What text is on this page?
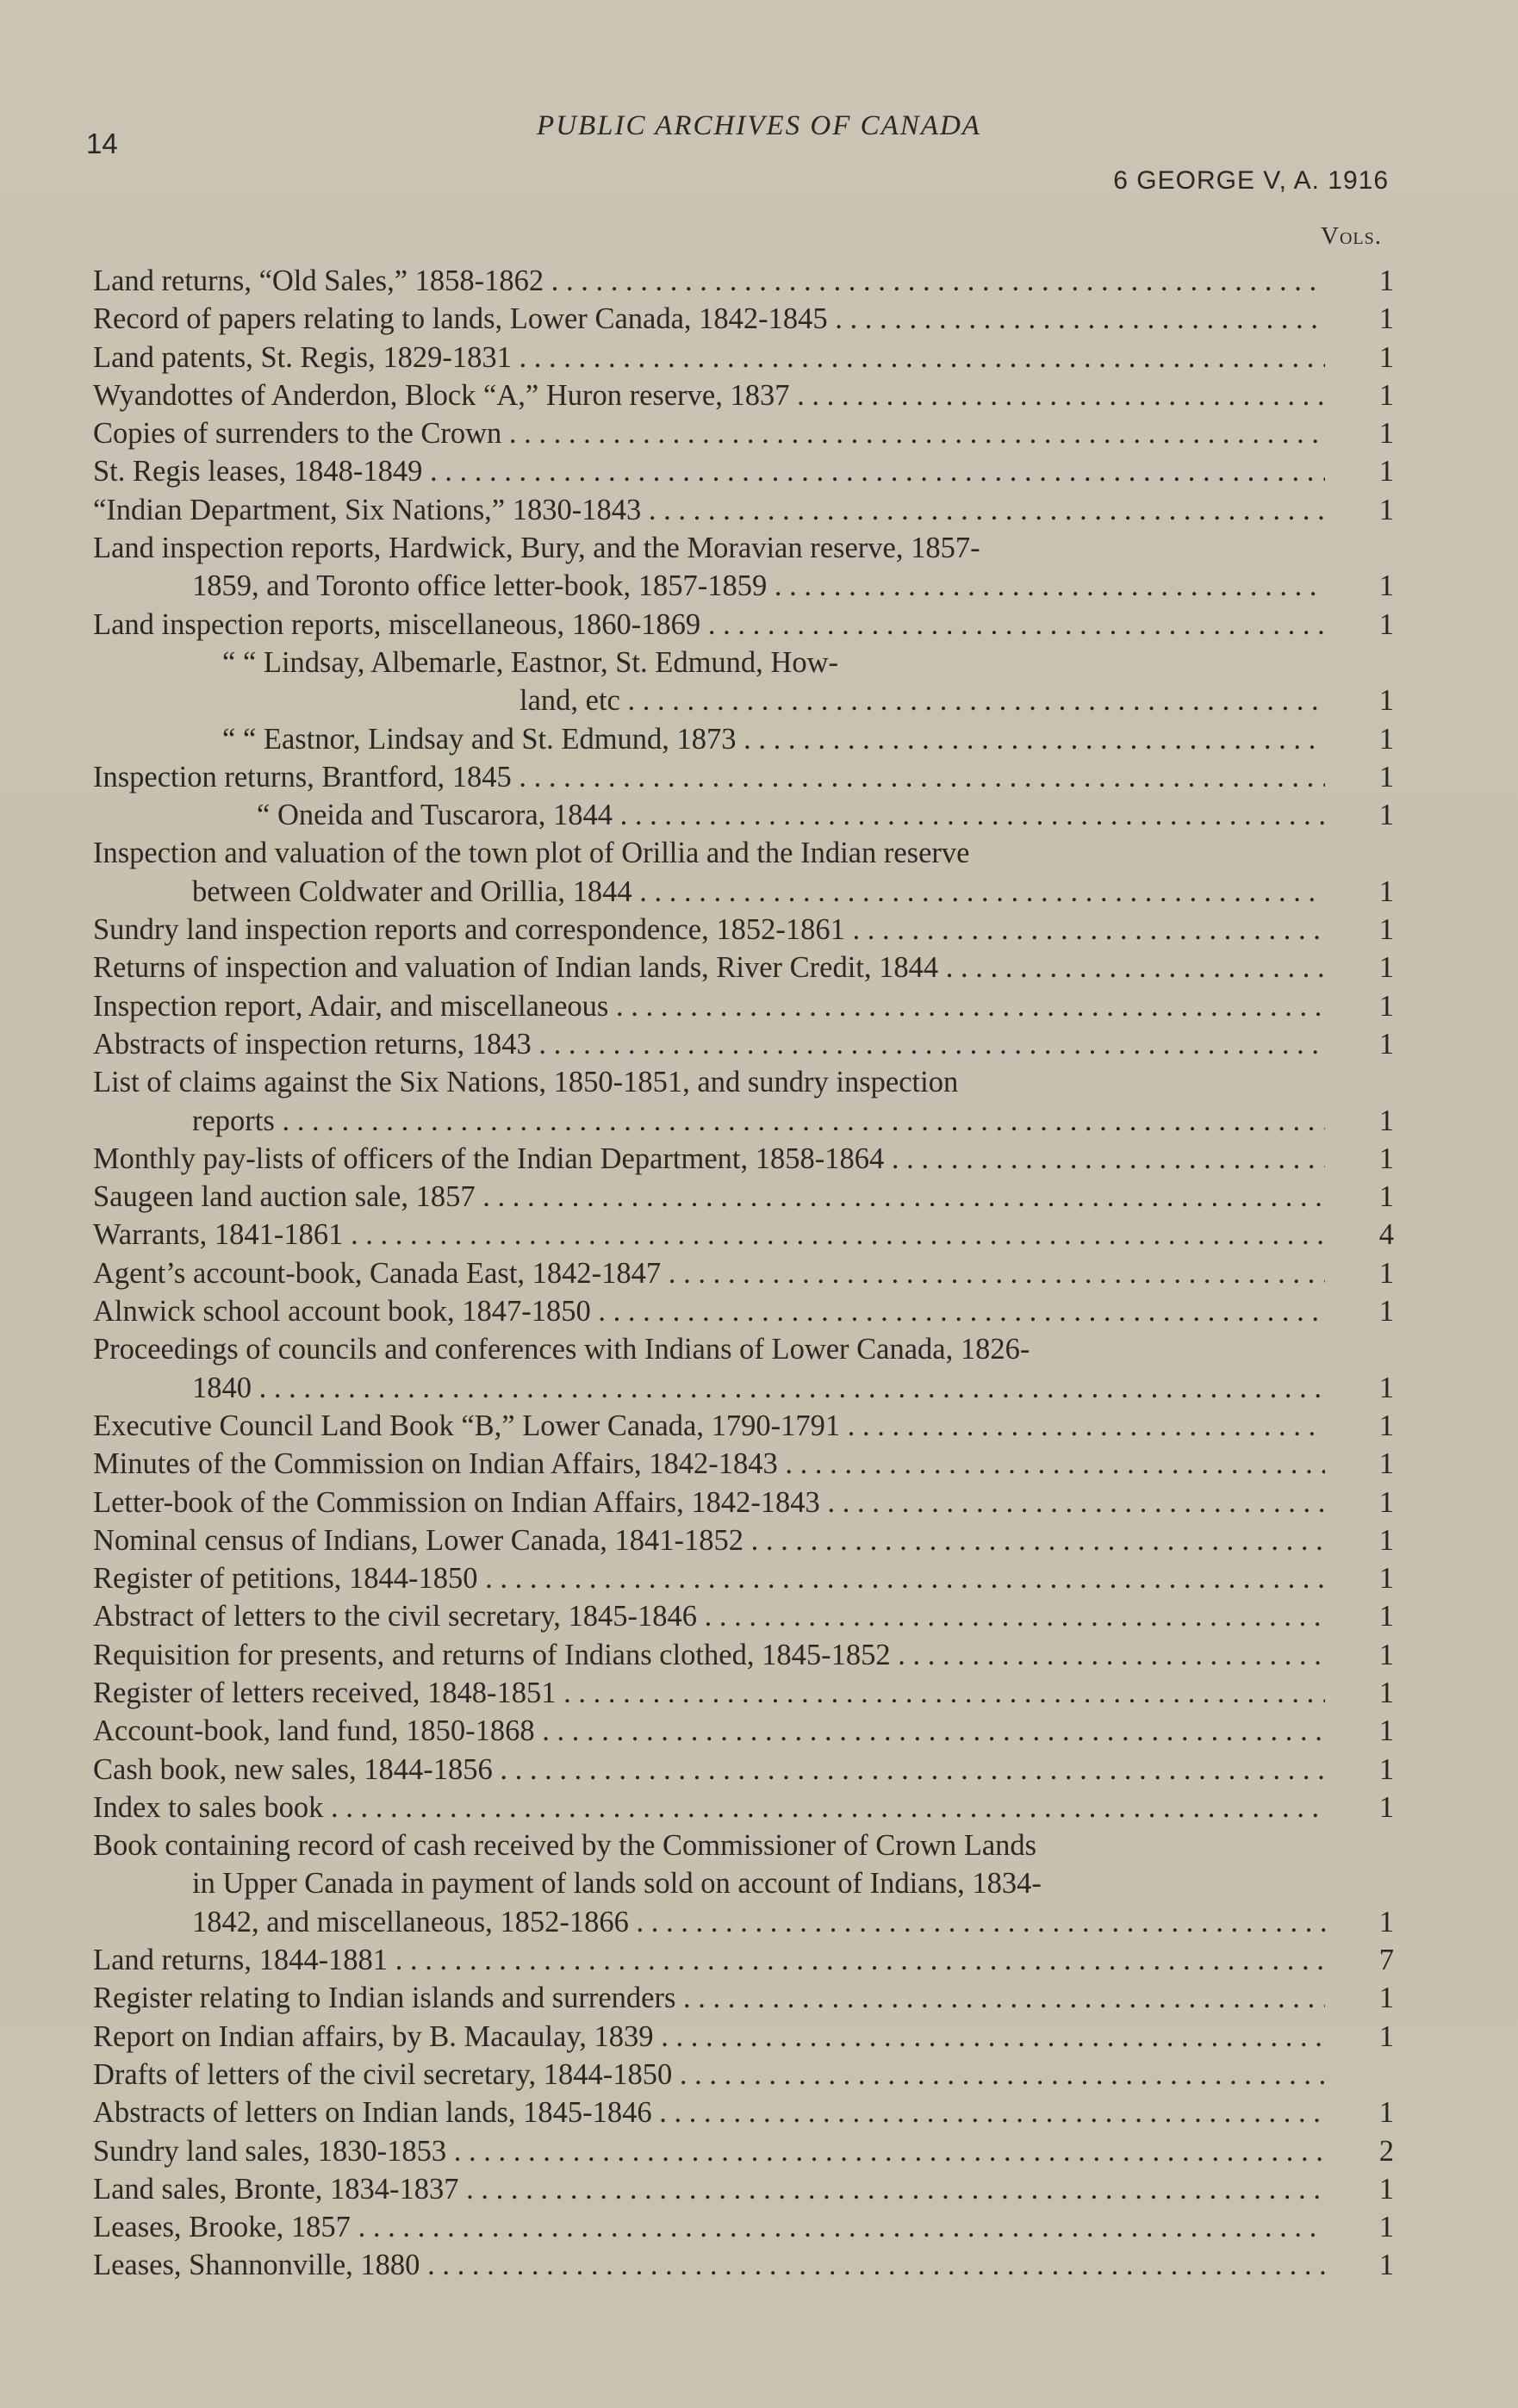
14
PUBLIC ARCHIVES OF CANADA
6 GEORGE V, A. 1916
Vols.
Land returns, “Old Sales,” 1858-1862 . . .	1
Record of papers relating to lands, Lower Canada, 1842-1845 . . .	1
Land patents, St. Regis, 1829-1831 . . .	1
Wyandottes of Anderdon, Block “A,” Huron reserve, 1837 . . .	1
Copies of surrenders to the Crown . . .	1
St. Regis leases, 1848-1849 . . .	1
“Indian Department, Six Nations,” 1830-1843 . . .	1
Land inspection reports, Hardwick, Bury, and the Moravian reserve, 1857-
1859, and Toronto office letter-book, 1857-1859 . . .	1
Land inspection reports, miscellaneous, 1860-1869 . . .	1
“ “ Lindsay, Albemarle, Eastnor, St. Edmund, How-
land, etc . . .	1
“ “ Eastnor, Lindsay and St. Edmund, 1873 . . .	1
Inspection returns, Brantford, 1845 . . .	1
“ Oneida and Tuscarora, 1844 . . .	1
Inspection and valuation of the town plot of Orillia and the Indian reserve
between Coldwater and Orillia, 1844 . . .	1
Sundry land inspection reports and correspondence, 1852-1861 . . .	1
Returns of inspection and valuation of Indian lands, River Credit, 1844 . . .	1
Inspection report, Adair, and miscellaneous . . .	1
Abstracts of inspection returns, 1843 . . .	1
List of claims against the Six Nations, 1850-1851, and sundry inspection
reports . . .	1
Monthly pay-lists of officers of the Indian Department, 1858-1864 . . .	1
Saugeen land auction sale, 1857 . . .	1
Warrants, 1841-1861 . . .	4
Agent’s account-book, Canada East, 1842-1847 . . .	1
Alnwick school account book, 1847-1850 . . .	1
Proceedings of councils and conferences with Indians of Lower Canada, 1826-
1840 . . .	1
Executive Council Land Book “B,” Lower Canada, 1790-1791 . . .	1
Minutes of the Commission on Indian Affairs, 1842-1843 . . .	1
Letter-book of the Commission on Indian Affairs, 1842-1843 . . .	1
Nominal census of Indians, Lower Canada, 1841-1852 . . .	1
Register of petitions, 1844-1850 . . .	1
Abstract of letters to the civil secretary, 1845-1846 . . .	1
Requisition for presents, and returns of Indians clothed, 1845-1852 . . .	1
Register of letters received, 1848-1851 . . .	1
Account-book, land fund, 1850-1868 . . .	1
Cash book, new sales, 1844-1856 . . .	1
Index to sales book . . .	1
Book containing record of cash received by the Commissioner of Crown Lands
in Upper Canada in payment of lands sold on account of Indians, 1834-
1842, and miscellaneous, 1852-1866 . . .	1
Land returns, 1844-1881 . . .	7
Register relating to Indian islands and surrenders . . .	1
Report on Indian affairs, by B. Macaulay, 1839 . . .	1
Drafts of letters of the civil secretary, 1844-1850 . . .
Abstracts of letters on Indian lands, 1845-1846 . . .	1
Sundry land sales, 1830-1853 . . .	2
Land sales, Bronte, 1834-1837 . . .	1
Leases, Brooke, 1857 . . .	1
Leases, Shannonville, 1880 . . .	1
